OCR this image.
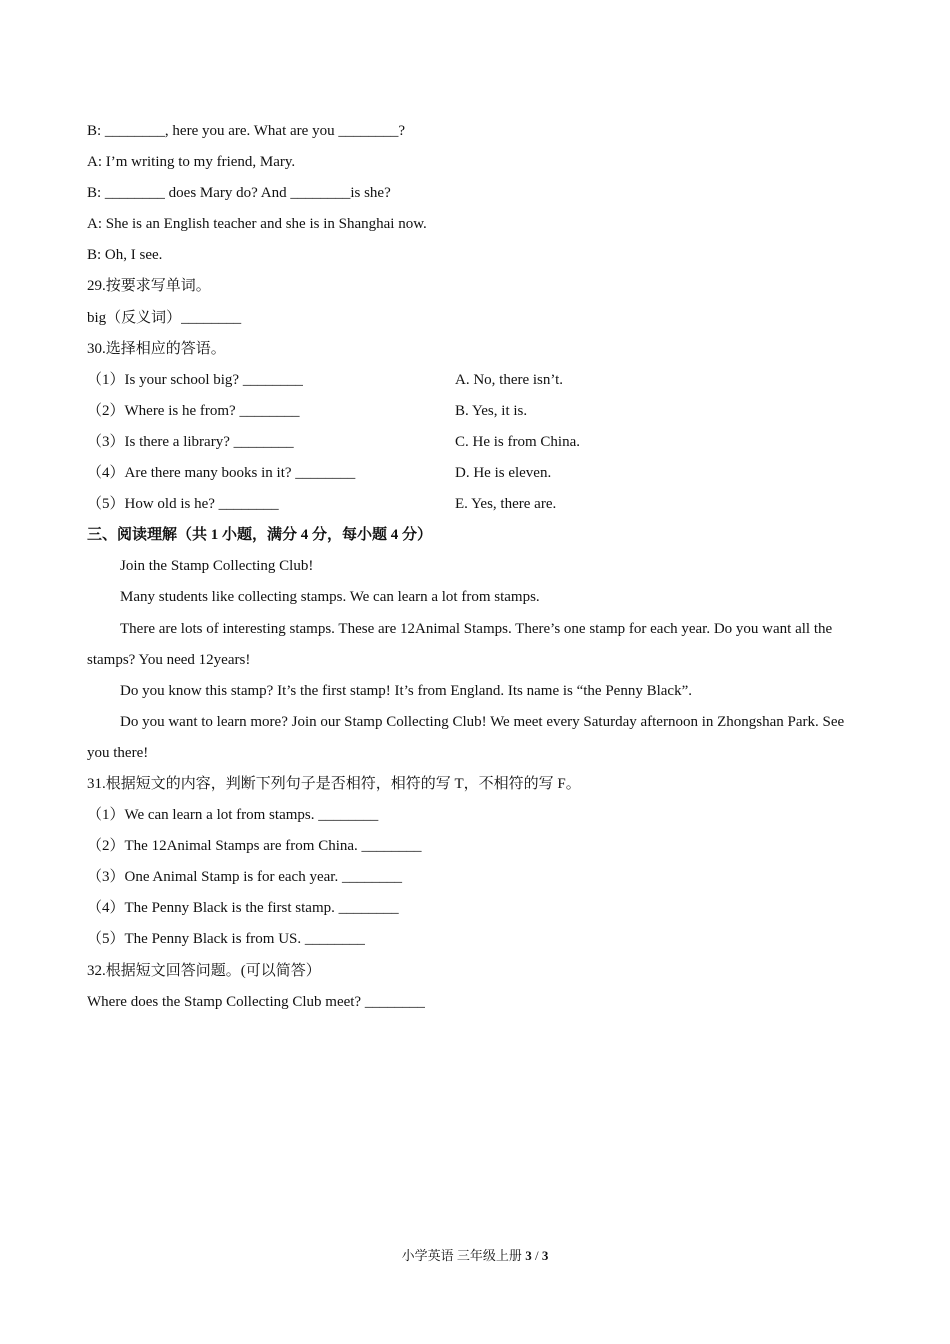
B: ________, here you are. What are you ________?
A: I’m writing to my friend, Mary.
B: ________ does Mary do? And ________is she?
A: She is an English teacher and she is in Shanghai now.
B: Oh, I see.
29.按要求写单词。
big（反义词）________
30.选择相应的答语。
（1）Is your school big? ________	A. No, there isn’t.
（2）Where is he from? ________	B. Yes, it is.
（3）Is there a library? ________	C. He is from China.
（4）Are there many books in it? ________	D. He is eleven.
（5）How old is he? ________	E. Yes, there are.
三、阅读理解（共 1 小题，满分 4 分，每小题 4 分）
Join the Stamp Collecting Club!
Many students like collecting stamps. We can learn a lot from stamps.
There are lots of interesting stamps. These are 12Animal Stamps. There’s one stamp for each year. Do you want all the stamps? You need 12years!
Do you know this stamp? It’s the first stamp! It’s from England. Its name is “the Penny Black”.
Do you want to learn more? Join our Stamp Collecting Club! We meet every Saturday afternoon in Zhongshan Park. See you there!
31.根据短文的内容，判断下列句子是否相符，相符的写 T，不相符的写 F。
（1）We can learn a lot from stamps. ________
（2）The 12Animal Stamps are from China. ________
（3）One Animal Stamp is for each year. ________
（4）The Penny Black is the first stamp. ________
（5）The Penny Black is from US. ________
32.根据短文回答问题。(可以简答）
Where does the Stamp Collecting Club meet? ________
小学英语 三年级上册 3 / 3
